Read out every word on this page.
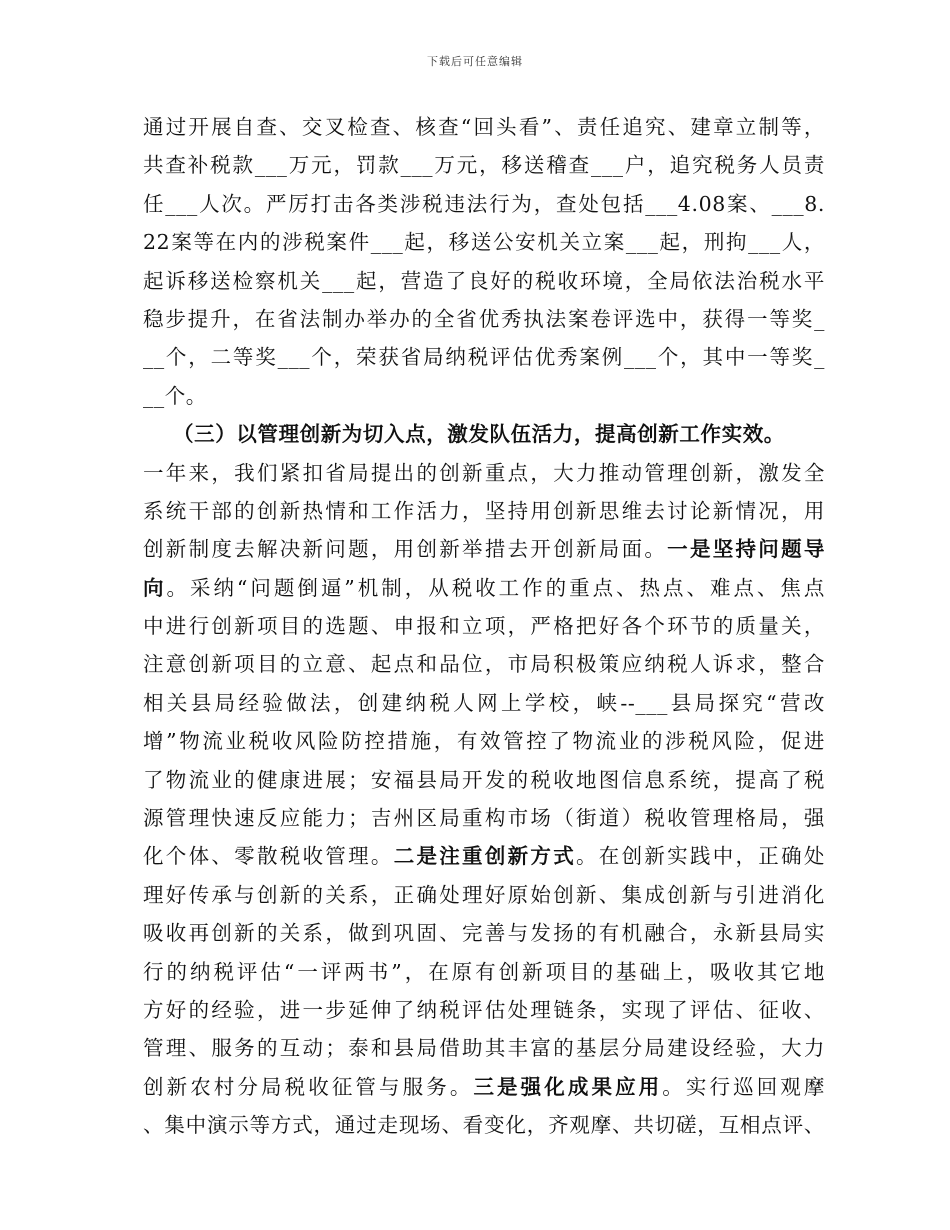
下载后可任意编辑
通过开展自查、交叉检查、核查“回头看”、责任追究、建章立制等，
共查补税款___万元，罚款___万元，移送稽查___户，追究税务人员责
任___人次。严厉打击各类涉税违法行为，查处包括___4.08案、___8.
22案等在内的涉税案件___起，移送公安机关立案___起，刑拘___人，
起诉移送检察机关___起，营造了良好的税收环境，全局依法治税水平
稳步提升，在省法制办举办的全省优秀执法案卷评选中，获得一等奖_
__个，二等奖___个，荣获省局纳税评估优秀案例___个，其中一等奖_
__个。
（三）以管理创新为切入点，激发队伍活力，提高创新工作实效。
一年来，我们紧扣省局提出的创新重点，大力推动管理创新，激发全
系统干部的创新热情和工作活力，坚持用创新思维去讨论新情况，用
创新制度去解决新问题，用创新举措去开创新局面。一是坚持问题导
向。采纳“问题倒逼”机制，从税收工作的重点、热点、难点、焦点
中进行创新项目的选题、申报和立项，严格把好各个环节的质量关，
注意创新项目的立意、起点和品位，市局积极策应纳税人诉求，整合
相关县局经验做法，创建纳税人网上学校，峡--___县局探究“营改
增”物流业税收风险防控措施，有效管控了物流业的涉税风险，促进
了物流业的健康进展；安福县局开发的税收地图信息系统，提高了税
源管理快速反应能力；吉州区局重构市场（街道）税收管理格局，强
化个体、零散税收管理。二是注重创新方式。在创新实践中，正确处
理好传承与创新的关系，正确处理好原始创新、集成创新与引进消化
吸收再创新的关系，做到巩固、完善与发扬的有机融合，永新县局实
行的纳税评估“一评两书”，在原有创新项目的基础上，吸收其它地
方好的经验，进一步延伸了纳税评估处理链条，实现了评估、征收、
管理、服务的互动；泰和县局借助其丰富的基层分局建设经验，大力
创新农村分局税收征管与服务。三是强化成果应用。实行巡回观摩
、集中演示等方式，通过走现场、看变化，齐观摩、共切磋，互相点评、
